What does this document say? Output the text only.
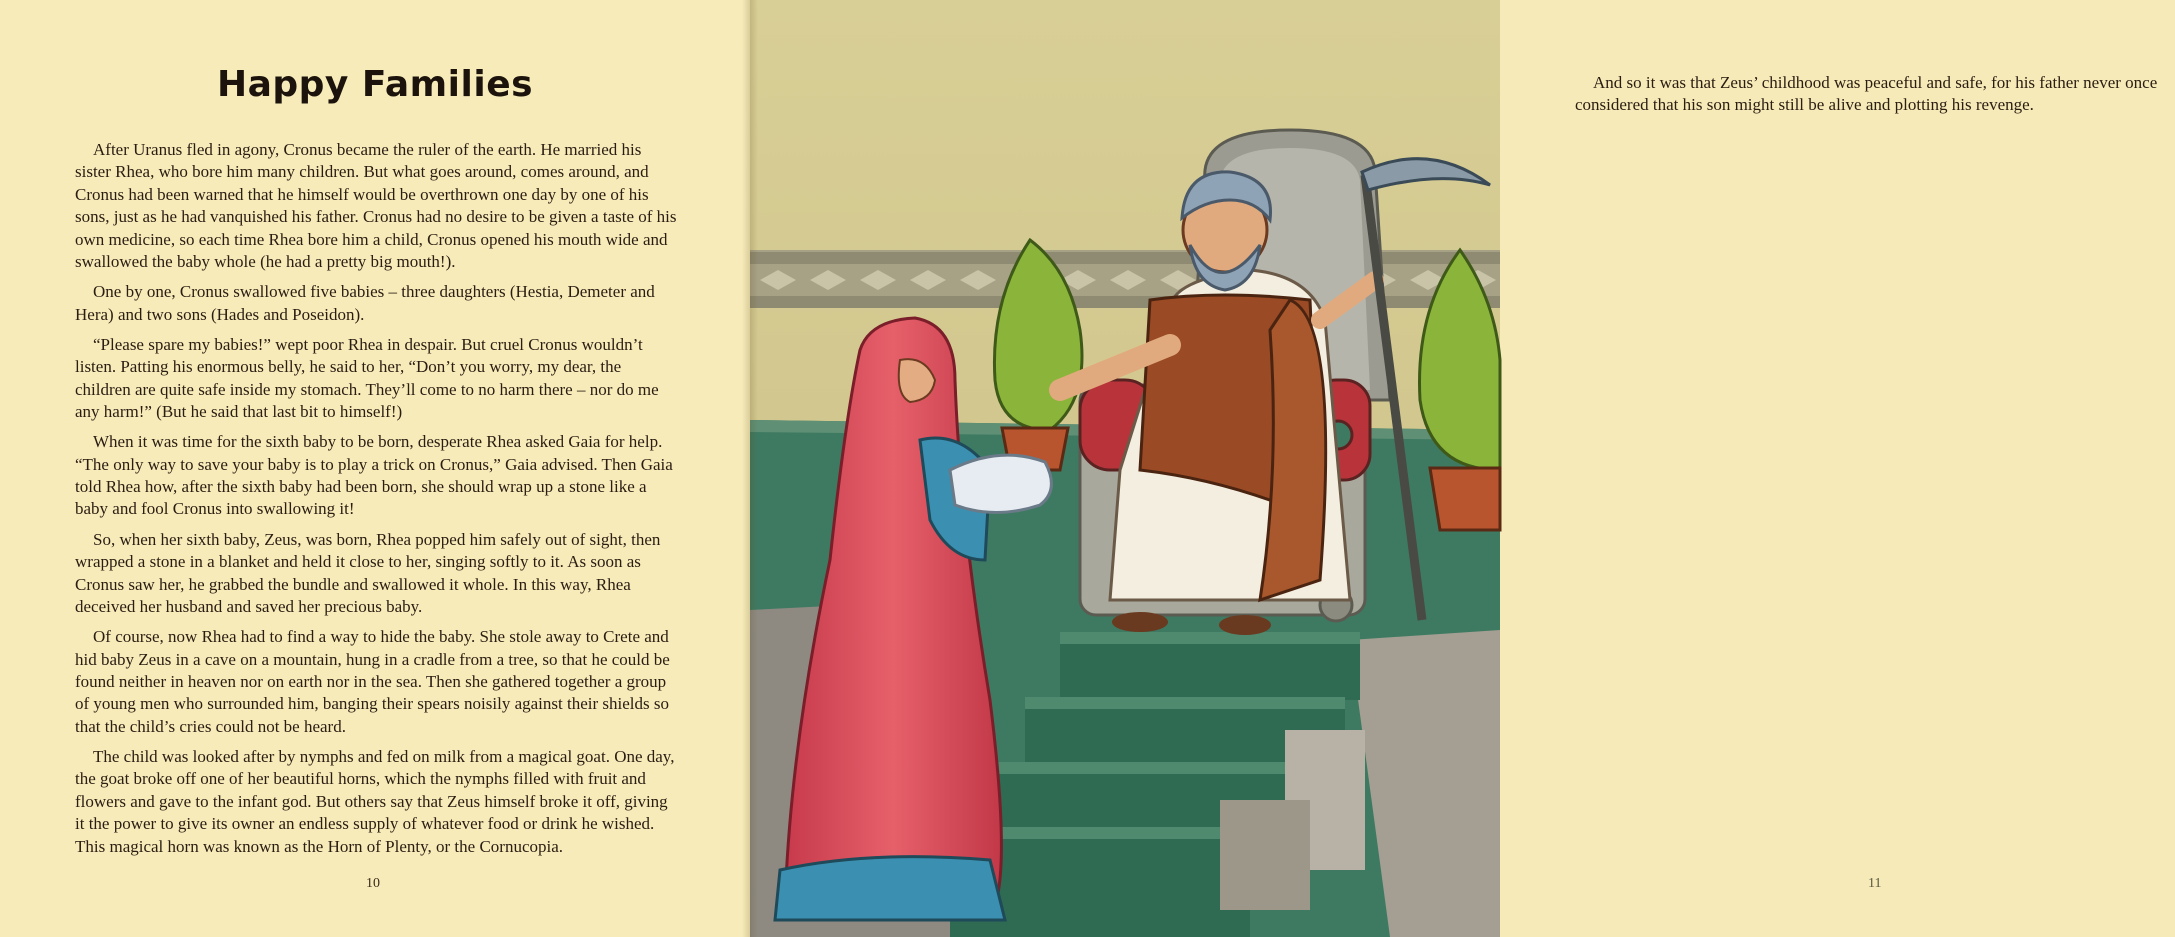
Happy Families

After Uranus fled in agony, Cronus became the ruler of the earth. He married his sister Rhea, who bore him many children. But what goes around, comes around, and Cronus had been warned that he himself would be overthrown one day by one of his sons, just as he had vanquished his father. Cronus had no desire to be given a taste of his own medicine, so each time Rhea bore him a child, Cronus opened his mouth wide and swallowed the baby whole (he had a pretty big mouth!).

One by one, Cronus swallowed five babies – three daughters (Hestia, Demeter and Hera) and two sons (Hades and Poseidon).

“Please spare my babies!” wept poor Rhea in despair. But cruel Cronus wouldn’t listen. Patting his enormous belly, he said to her, “Don’t you worry, my dear, the children are quite safe inside my stomach. They’ll come to no harm there – nor do me any harm!” (But he said that last bit to himself!)

When it was time for the sixth baby to be born, desperate Rhea asked Gaia for help. “The only way to save your baby is to play a trick on Cronus,” Gaia advised. Then Gaia told Rhea how, after the sixth baby had been born, she should wrap up a stone like a baby and fool Cronus into swallowing it!

So, when her sixth baby, Zeus, was born, Rhea popped him safely out of sight, then wrapped a stone in a blanket and held it close to her, singing softly to it. As soon as Cronus saw her, he grabbed the bundle and swallowed it whole. In this way, Rhea deceived her husband and saved her precious baby.

Of course, now Rhea had to find a way to hide the baby. She stole away to Crete and hid baby Zeus in a cave on a mountain, hung in a cradle from a tree, so that he could be found neither in heaven nor on earth nor in the sea. Then she gathered together a group of young men who surrounded him, banging their spears noisily against their shields so that the child’s cries could not be heard.

The child was looked after by nymphs and fed on milk from a magical goat. One day, the goat broke off one of her beautiful horns, which the nymphs filled with fruit and flowers and gave to the infant god. But others say that Zeus himself broke it off, giving it the power to give its owner an endless supply of whatever food or drink he wished. This magical horn was known as the Horn of Plenty, or the Cornucopia.

10

And so it was that Zeus’ childhood was peaceful and safe, for his father never once considered that his son might still be alive and plotting his revenge.

11
